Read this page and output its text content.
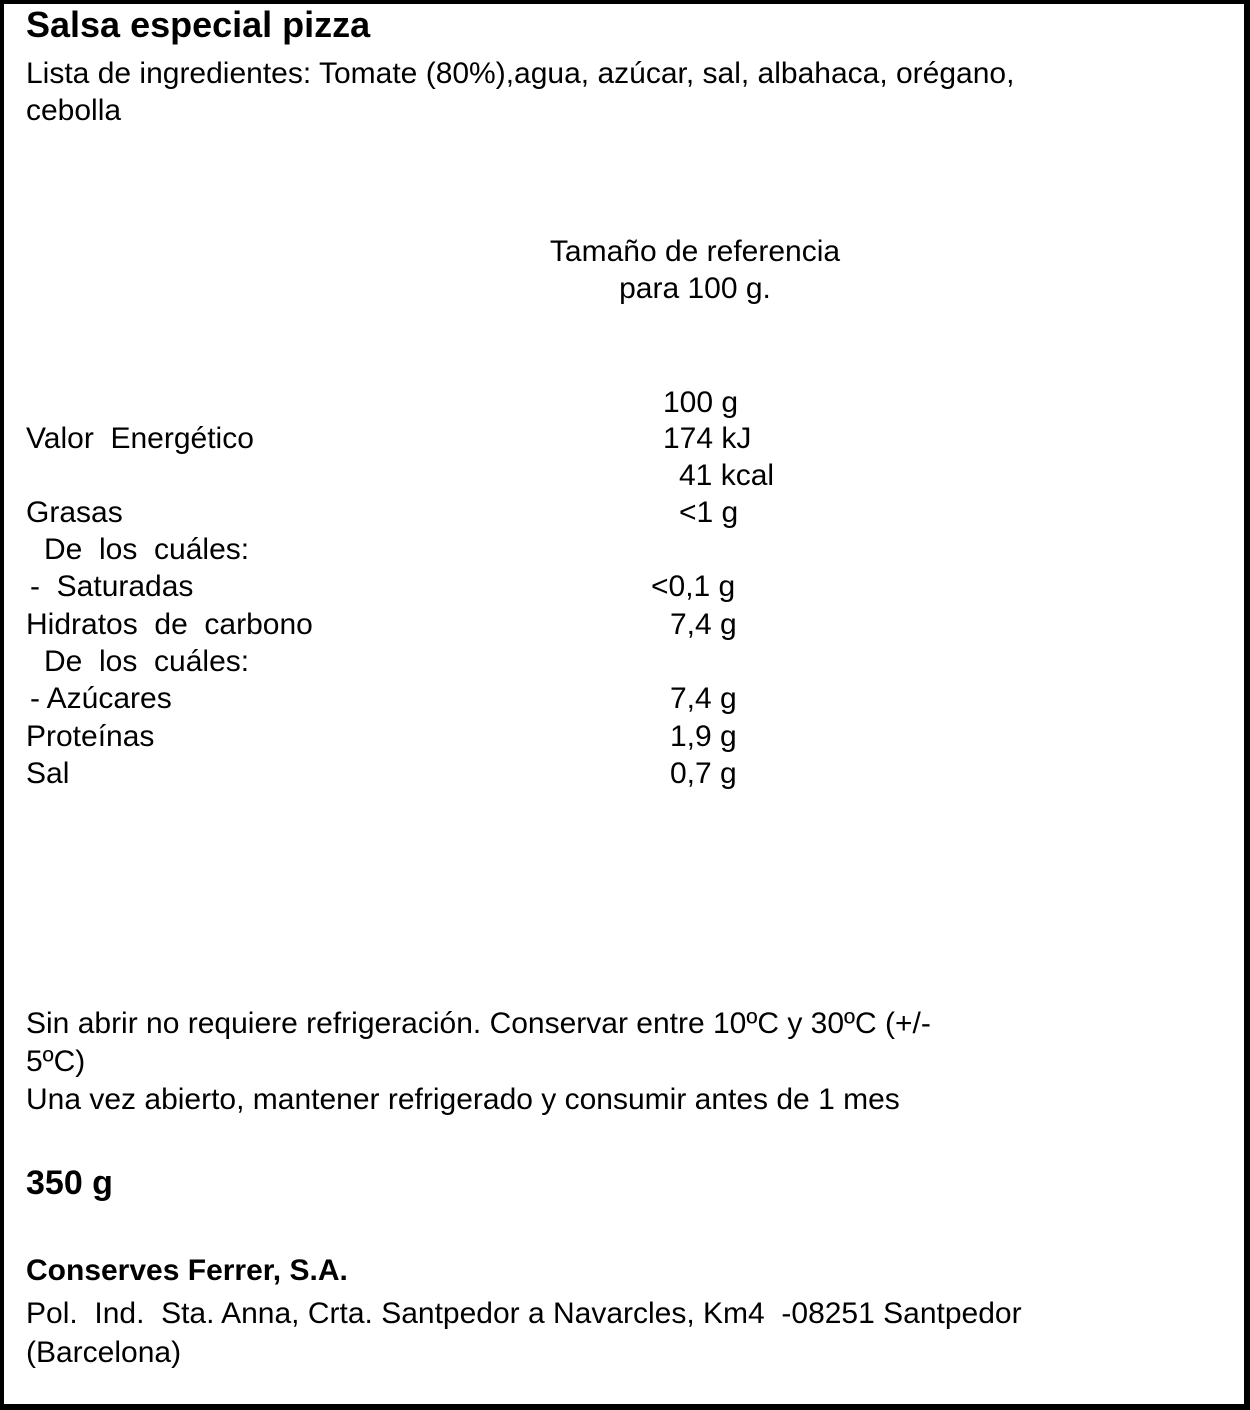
Salsa especial pizza
Lista de ingredientes: Tomate (80%),agua, azúcar, sal, albahaca, orégano,
cebolla
Tamaño de referencia
para 100 g.
100 g
Valor  Energético	174 kJ
41 kcal
Grasas	<1 g
De  los  cuáles:
-  Saturadas	<0,1 g
Hidratos  de  carbono	7,4 g
De  los  cuáles:
- Azúcares	7,4 g
Proteínas	1,9 g
Sal	0,7 g
Sin abrir no requiere refrigeración. Conservar entre 10ºC y 30ºC (+/-
5ºC)
Una vez abierto, mantener refrigerado y consumir antes de 1 mes
350 g
Conserves Ferrer, S.A.
Pol.  Ind.  Sta. Anna, Crta. Santpedor a Navarcles, Km4  -08251 Santpedor
(Barcelona)
